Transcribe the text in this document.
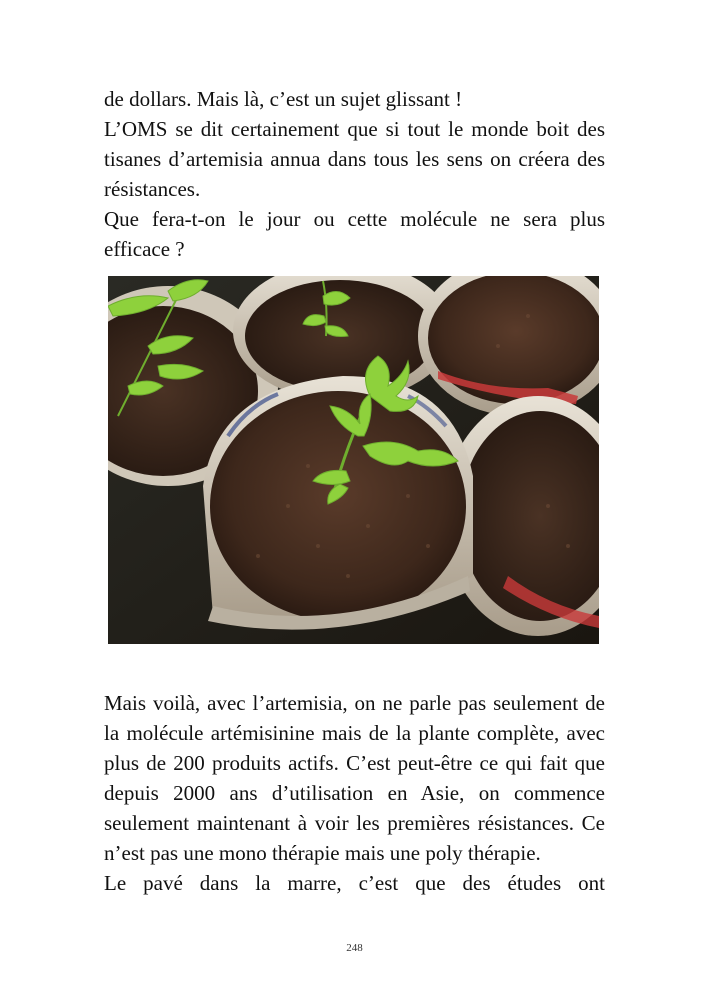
de dollars. Mais là, c’est un sujet glissant !

L’OMS se dit certainement que si tout le monde boit des tisanes d’artemisia annua dans tous les sens on créera des résistances.

Que fera-t-on le jour ou cette molécule ne sera plus efficace ?

Mais voilà, avec l’artemisia, on ne parle pas seulement de la molécule artémisinine mais de la plante complète, avec plus de 200 produits actifs. C’est peut-être ce qui fait que depuis 2000 ans d’utilisation en Asie, on commence seulement maintenant à voir les premières résistances. Ce n’est pas une mono thérapie mais une poly thérapie.

Le pavé dans la marre, c’est que des études ont

248
